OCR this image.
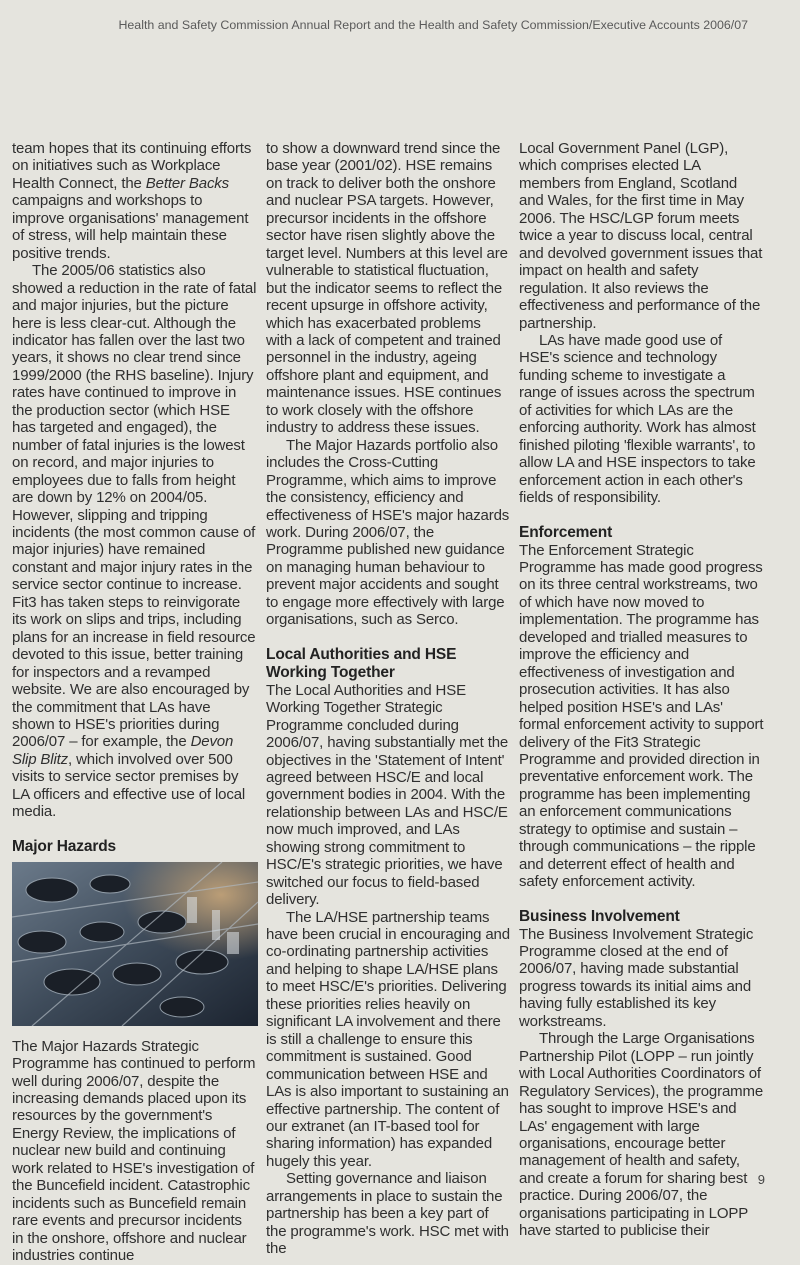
Health and Safety Commission Annual Report and the Health and Safety Commission/Executive Accounts 2006/07

team hopes that its continuing efforts on initiatives such as Workplace Health Connect, the Better Backs campaigns and workshops to improve organisations' management of stress, will help maintain these positive trends.

The 2005/06 statistics also showed a reduction in the rate of fatal and major injuries, but the picture here is less clear-cut. Although the indicator has fallen over the last two years, it shows no clear trend since 1999/2000 (the RHS baseline). Injury rates have continued to improve in the production sector (which HSE has targeted and engaged), the number of fatal injuries is the lowest on record, and major injuries to employees due to falls from height are down by 12% on 2004/05. However, slipping and tripping incidents (the most common cause of major injuries) have remained constant and major injury rates in the service sector continue to increase. Fit3 has taken steps to reinvigorate its work on slips and trips, including plans for an increase in field resource devoted to this issue, better training for inspectors and a revamped website. We are also encouraged by the commitment that LAs have shown to HSE's priorities during 2006/07 – for example, the Devon Slip Blitz, which involved over 500 visits to service sector premises by LA officers and effective use of local media.

Major Hazards

The Major Hazards Strategic Programme has continued to perform well during 2006/07, despite the increasing demands placed upon its resources by the government's Energy Review, the implications of nuclear new build and continuing work related to HSE's investigation of the Buncefield incident. Catastrophic incidents such as Buncefield remain rare events and precursor incidents in the onshore, offshore and nuclear industries continue

to show a downward trend since the base year (2001/02). HSE remains on track to deliver both the onshore and nuclear PSA targets. However, precursor incidents in the offshore sector have risen slightly above the target level. Numbers at this level are vulnerable to statistical fluctuation, but the indicator seems to reflect the recent upsurge in offshore activity, which has exacerbated problems with a lack of competent and trained personnel in the industry, ageing offshore plant and equipment, and maintenance issues. HSE continues to work closely with the offshore industry to address these issues.

The Major Hazards portfolio also includes the Cross-Cutting Programme, which aims to improve the consistency, efficiency and effectiveness of HSE's major hazards work. During 2006/07, the Programme published new guidance on managing human behaviour to prevent major accidents and sought to engage more effectively with large organisations, such as Serco.

Local Authorities and HSE
Working Together

The Local Authorities and HSE Working Together Strategic Programme concluded during 2006/07, having substantially met the objectives in the 'Statement of Intent' agreed between HSC/E and local government bodies in 2004. With the relationship between LAs and HSC/E now much improved, and LAs showing strong commitment to HSC/E's strategic priorities, we have switched our focus to field-based delivery.

The LA/HSE partnership teams have been crucial in encouraging and co-ordinating partnership activities and helping to shape LA/HSE plans to meet HSC/E's priorities. Delivering these priorities relies heavily on significant LA involvement and there is still a challenge to ensure this commitment is sustained. Good communication between HSE and LAs is also important to sustaining an effective partnership. The content of our extranet (an IT-based tool for sharing information) has expanded hugely this year.

Setting governance and liaison arrangements in place to sustain the partnership has been a key part of the programme's work. HSC met with the

Local Government Panel (LGP), which comprises elected LA members from England, Scotland and Wales, for the first time in May 2006. The HSC/LGP forum meets twice a year to discuss local, central and devolved government issues that impact on health and safety regulation. It also reviews the effectiveness and performance of the partnership.

LAs have made good use of HSE's science and technology funding scheme to investigate a range of issues across the spectrum of activities for which LAs are the enforcing authority. Work has almost finished piloting 'flexible warrants', to allow LA and HSE inspectors to take enforcement action in each other's fields of responsibility.

Enforcement

The Enforcement Strategic Programme has made good progress on its three central workstreams, two of which have now moved to implementation. The programme has developed and trialled measures to improve the efficiency and effectiveness of investigation and prosecution activities. It has also helped position HSE's and LAs' formal enforcement activity to support delivery of the Fit3 Strategic Programme and provided direction in preventative enforcement work. The programme has been implementing an enforcement communications strategy to optimise and sustain – through communications – the ripple and deterrent effect of health and safety enforcement activity.

Business Involvement

The Business Involvement Strategic Programme closed at the end of 2006/07, having made substantial progress towards its initial aims and having fully established its key workstreams.

Through the Large Organisations Partnership Pilot (LOPP – run jointly with Local Authorities Coordinators of Regulatory Services), the programme has sought to improve HSE's and LAs' engagement with large organisations, encourage better management of health and safety, and create a forum for sharing best practice. During 2006/07, the organisations participating in LOPP have started to publicise their

9
